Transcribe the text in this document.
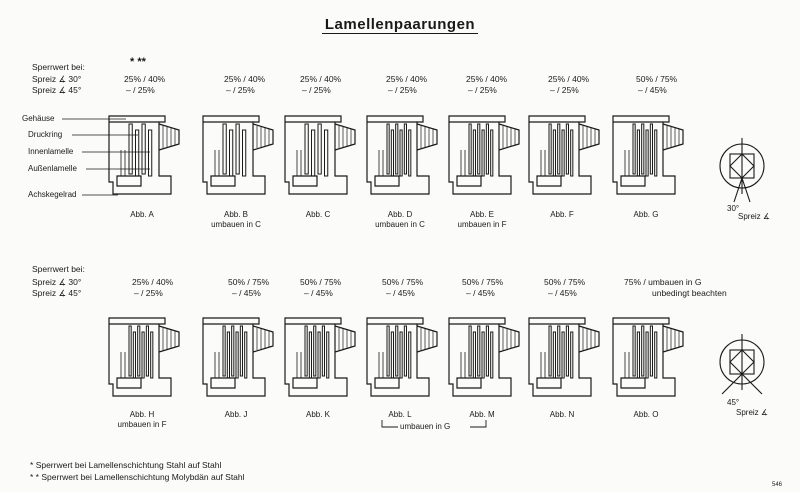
Lamellenpaarungen
Sperrwert bei:
Spreiz ∡ 30°
Spreiz ∡ 45°
* **
25% / 40%	25% / 40%	25% / 40%	25% / 40%	25% / 40%	25% / 40%	50% / 75%
– / 25%	– / 25%	– / 25%	– / 25%	– / 25%	– / 25%	– / 45%
Gehäuse
Druckring
Innenlamelle
Außenlamelle
Achskegelrad
Abb. A	Abb. B
umbauen in C
Abb. C	Abb. D
umbauen in C
Abb. E
umbauen in F
Abb. F	Abb. G
30°
Spreiz ∡
Sperrwert bei:
Spreiz ∡ 30°
Spreiz ∡ 45°
25% / 40%	50% / 75%	50% / 75%	50% / 75%	50% / 75%	50% / 75%	75% / umbauen in G
– / 25%	– / 45%	– / 45%	– / 45%	– / 45%	– / 45%	unbedingt beachten
Abb. H
umbauen in F
Abb. J	Abb. K	Abb. L	Abb. M	Abb. N	Abb. O
umbauen in G
45°
Spreiz ∡
* Sperrwert bei Lamellenschichtung Stahl auf Stahl
* * Sperrwert bei Lamellenschichtung Molybdän auf Stahl
546
